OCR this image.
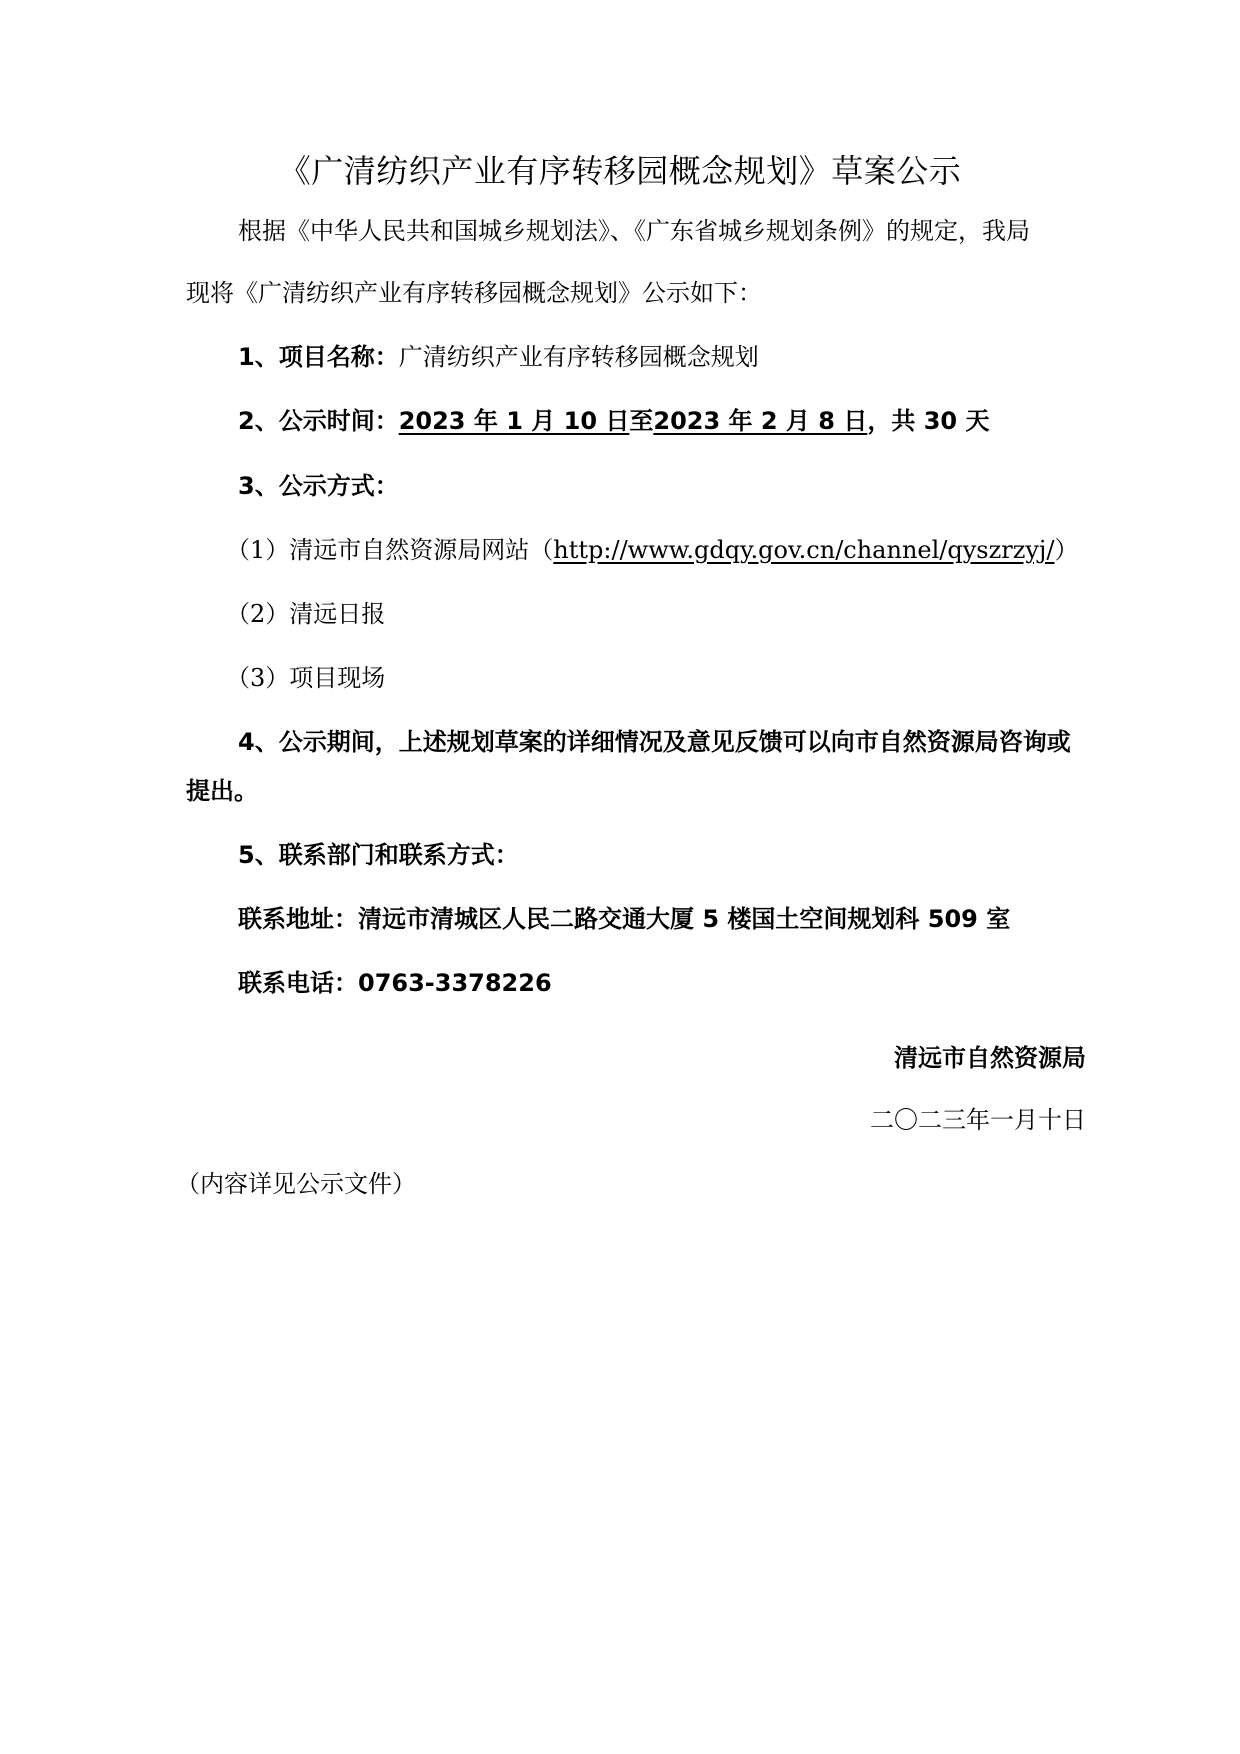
《广清纺织产业有序转移园概念规划》草案公示
根据《中华人民共和国城乡规划法》、《广东省城乡规划条例》的规定，我局
现将《广清纺织产业有序转移园概念规划》公示如下：
1、项目名称：广清纺织产业有序转移园概念规划
2、公示时间：2023 年 1 月 10 日至2023 年 2 月 8 日，共 30 天
3、公示方式：
（1）清远市自然资源局网站（http://www.gdqy.gov.cn/channel/qyszrzyj/）
（2）清远日报
（3）项目现场
4、公示期间，上述规划草案的详细情况及意见反馈可以向市自然资源局咨询或
提出。
5、联系部门和联系方式：
联系地址：清远市清城区人民二路交通大厦 5 楼国土空间规划科 509 室
联系电话：0763-3378226
清远市自然资源局
二〇二三年一月十日
（内容详见公示文件）
